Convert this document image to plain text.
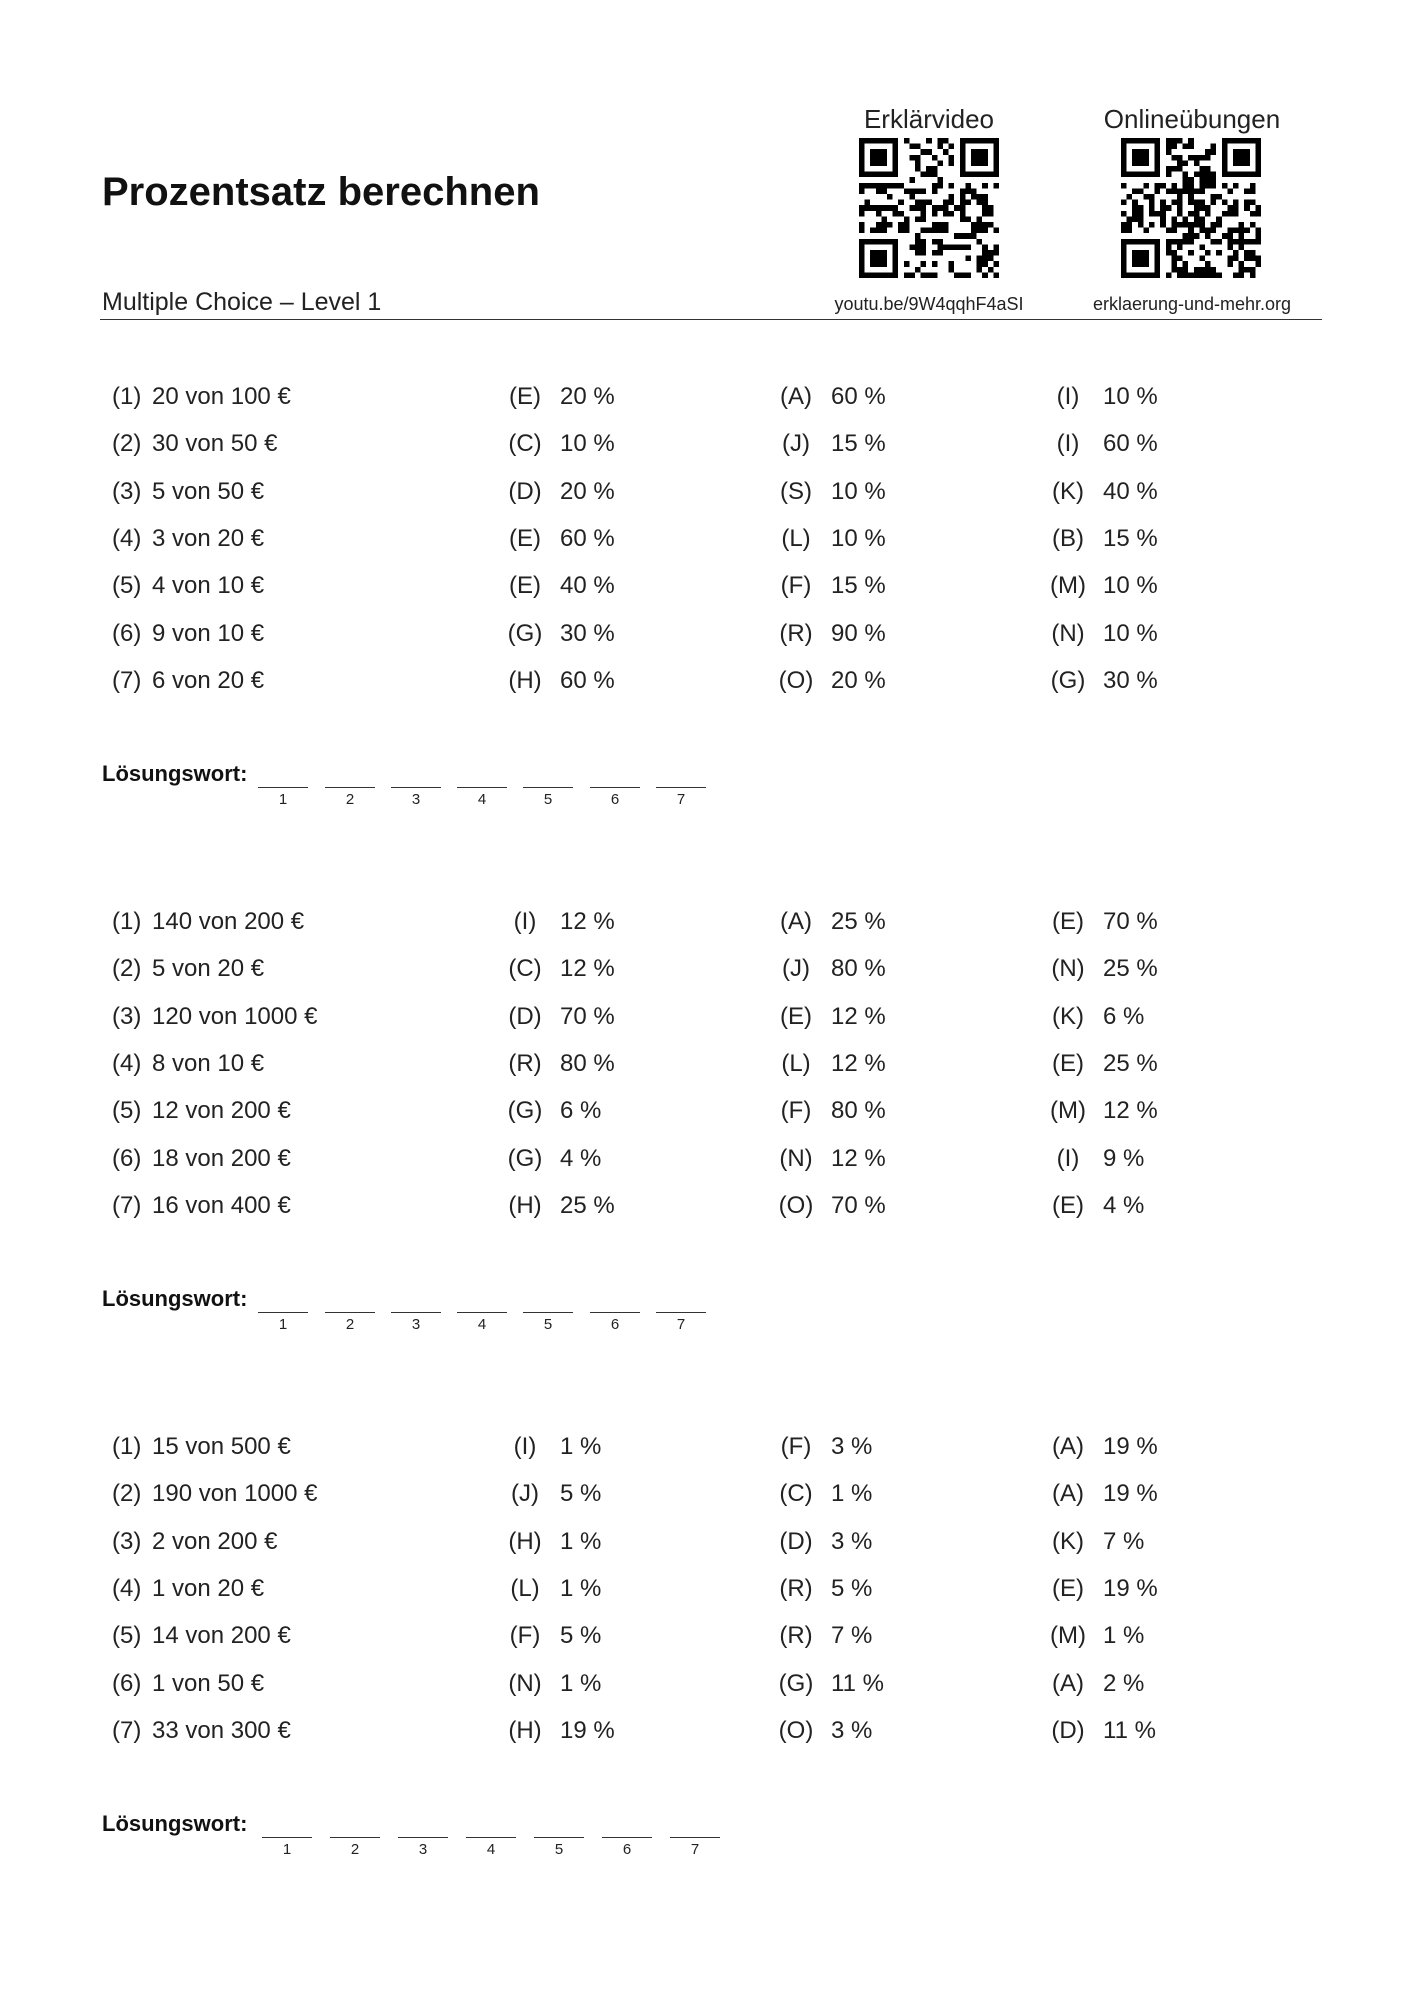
Prozentsatz berechnen
Multiple Choice – Level 1
Erklärvideo
youtu.be/9W4qqhF4aSI
Onlineübungen
erklaerung-und-mehr.org
(1) 20 von 100 €	(E) 20 %	(A) 60 %	(I) 10 %
(2) 30 von 50 €	(C) 10 %	(J) 15 %	(I) 60 %
(3) 5 von 50 €	(D) 20 %	(S) 10 %	(K) 40 %
(4) 3 von 20 €	(E) 60 %	(L) 10 %	(B) 15 %
(5) 4 von 10 €	(E) 40 %	(F) 15 %	(M) 10 %
(6) 9 von 10 €	(G) 30 %	(R) 90 %	(N) 10 %
(7) 6 von 20 €	(H) 60 %	(O) 20 %	(G) 30 %
Lösungswort:
1	2	3	4	5	6	7
(1) 140 von 200 €	(I) 12 %	(A) 25 %	(E) 70 %
(2) 5 von 20 €	(C) 12 %	(J) 80 %	(N) 25 %
(3) 120 von 1000 €	(D) 70 %	(E) 12 %	(K) 6 %
(4) 8 von 10 €	(R) 80 %	(L) 12 %	(E) 25 %
(5) 12 von 200 €	(G) 6 %	(F) 80 %	(M) 12 %
(6) 18 von 200 €	(G) 4 %	(N) 12 %	(I) 9 %
(7) 16 von 400 €	(H) 25 %	(O) 70 %	(E) 4 %
Lösungswort:
1	2	3	4	5	6	7
(1) 15 von 500 €	(I) 1 %	(F) 3 %	(A) 19 %
(2) 190 von 1000 €	(J) 5 %	(C) 1 %	(A) 19 %
(3) 2 von 200 €	(H) 1 %	(D) 3 %	(K) 7 %
(4) 1 von 20 €	(L) 1 %	(R) 5 %	(E) 19 %
(5) 14 von 200 €	(F) 5 %	(R) 7 %	(M) 1 %
(6) 1 von 50 €	(N) 1 %	(G) 11 %	(A) 2 %
(7) 33 von 300 €	(H) 19 %	(O) 3 %	(D) 11 %
Lösungswort:
1	2	3	4	5	6	7
